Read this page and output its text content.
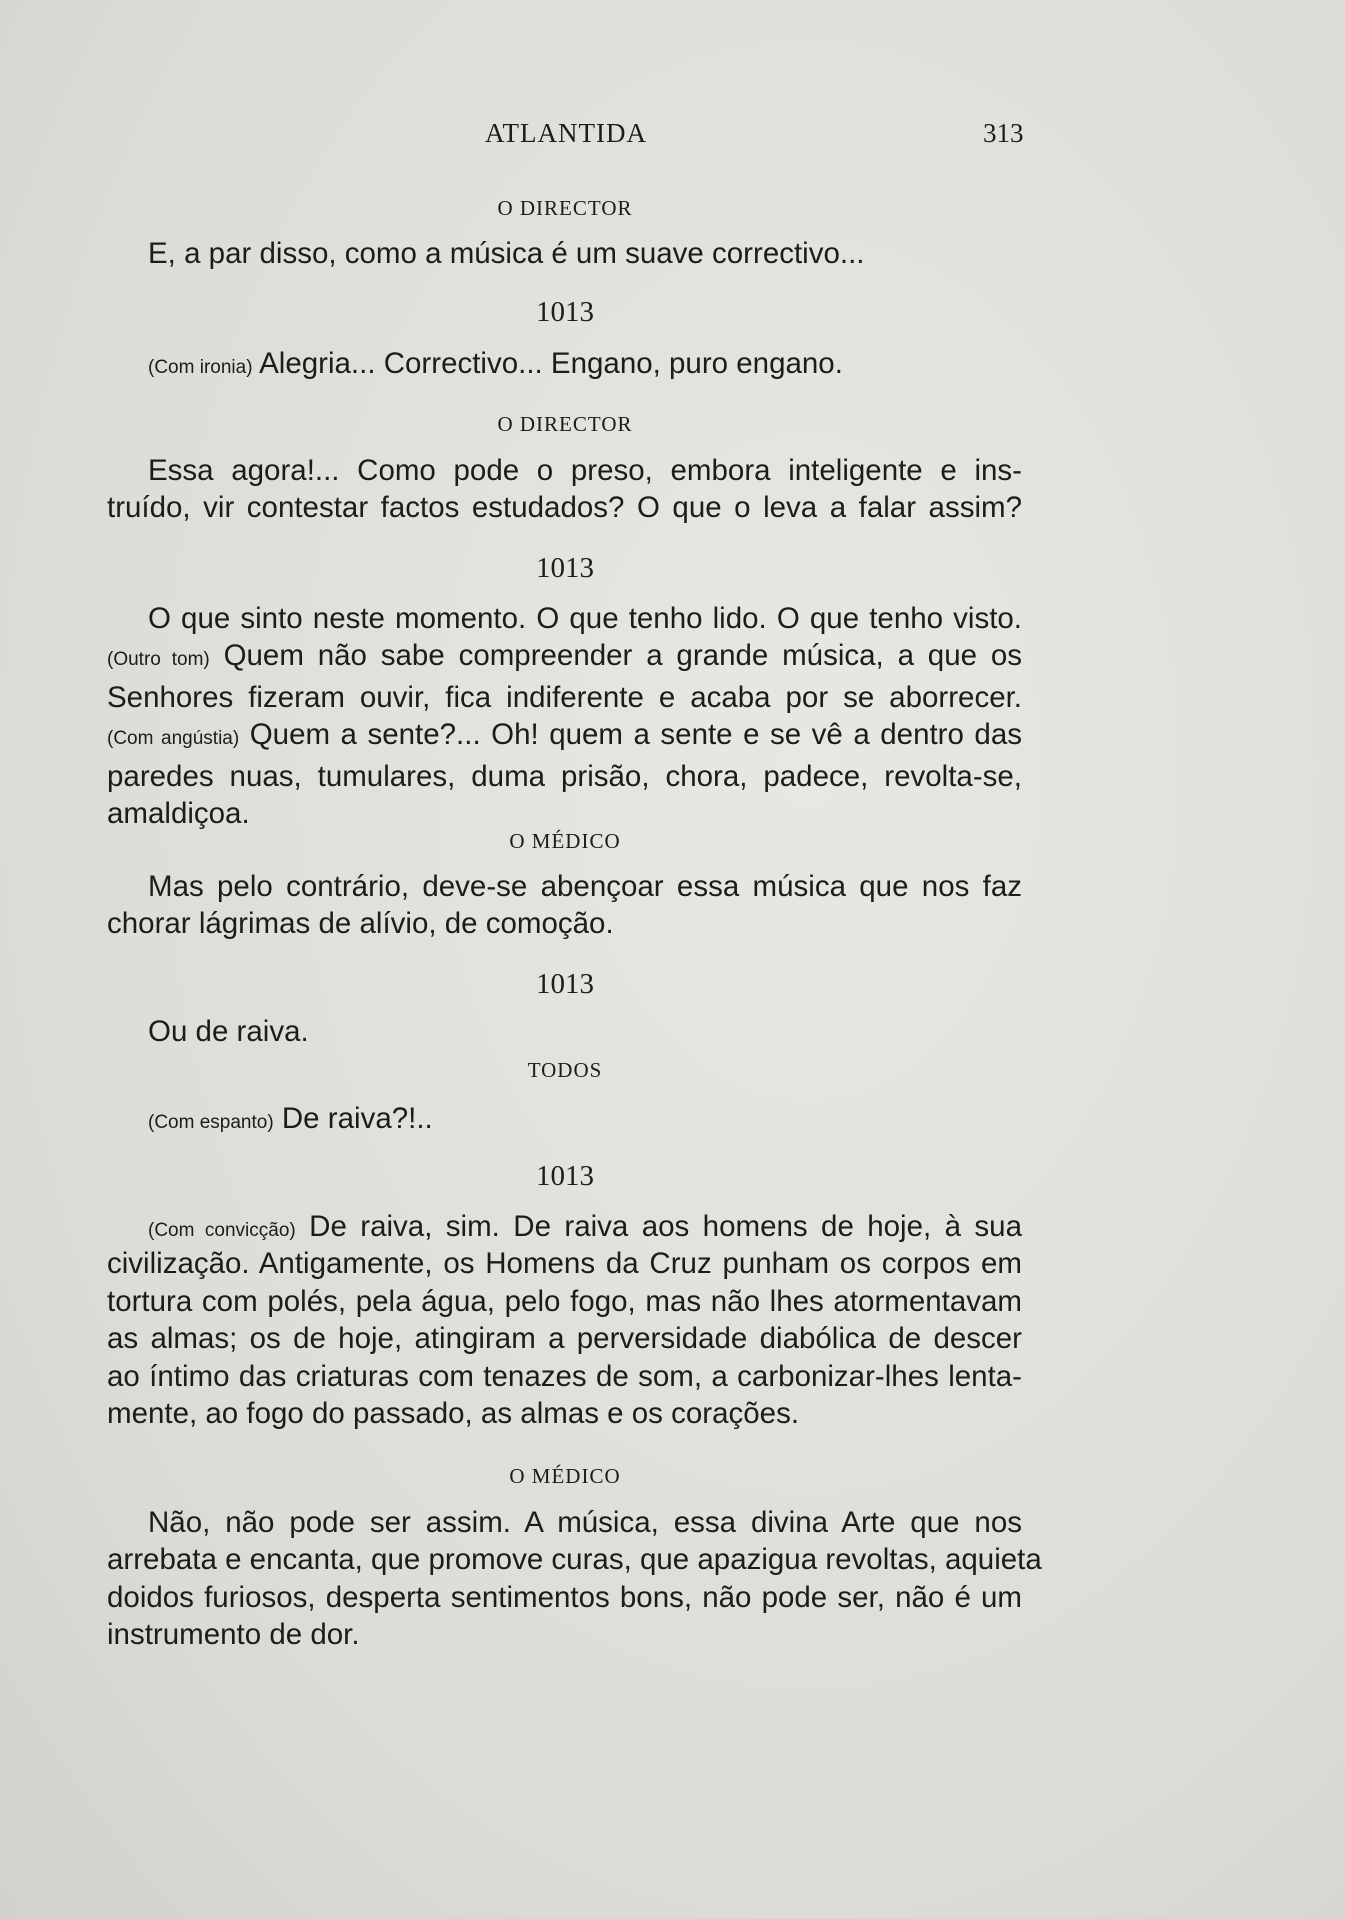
ATLANTIDA	313
O DIRECTOR
E, a par disso, como a música é um suave correctivo...
1013
(Com ironia) Alegria... Correctivo... Engano, puro engano.
O DIRECTOR
Essa agora!... Como pode o preso, embora inteligente e ins-
truído, vir contestar factos estudados? O que o leva a falar assim?
1013
O que sinto neste momento. O que tenho lido. O que tenho visto.
(Outro tom) Quem não sabe compreender a grande música, a que os
Senhores fizeram ouvir, fica indiferente e acaba por se aborrecer.
(Com angústia) Quem a sente?... Oh! quem a sente e se vê a dentro das
paredes nuas, tumulares, duma prisão, chora, padece, revolta-se,
amaldiçoa.
O MÉDICO
Mas pelo contrário, deve-se abençoar essa música que nos faz
chorar lágrimas de alívio, de comoção.
1013
Ou de raiva.
TODOS
(Com espanto) De raiva?!..
1013
(Com convicção) De raiva, sim. De raiva aos homens de hoje, à sua
civilização. Antigamente, os Homens da Cruz punham os corpos em
tortura com polés, pela água, pelo fogo, mas não lhes atormentavam
as almas; os de hoje, atingiram a perversidade diabólica de descer
ao íntimo das criaturas com tenazes de som, a carbonizar-lhes lenta-
mente, ao fogo do passado, as almas e os corações.
O MÉDICO
Não, não pode ser assim. A música, essa divina Arte que nos
arrebata e encanta, que promove curas, que apazigua revoltas, aquieta
doidos furiosos, desperta sentimentos bons, não pode ser, não é um
instrumento de dor.
